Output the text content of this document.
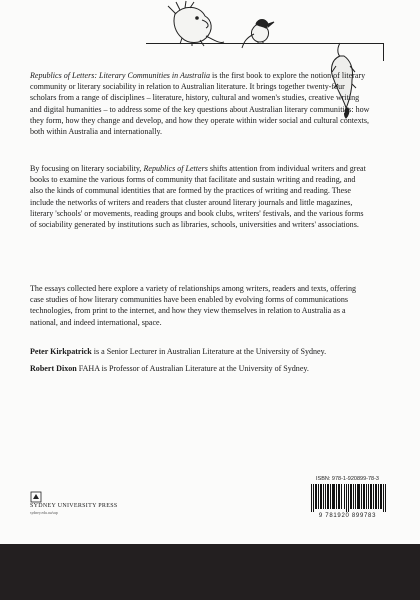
Republics of Letters: Literary Communities in Australia is the first book to explore the notion of literary community or literary sociability in relation to Australian literature. It brings together twenty-four scholars from a range of disciplines – literature, history, cultural and women's studies, creative writing and digital humanities – to address some of the key questions about Australian literary communities: how they form, how they change and develop, and how they operate within wider social and cultural contexts, both within Australia and internationally.

By focusing on literary sociability, Republics of Letters shifts attention from individual writers and great books to examine the various forms of community that facilitate and sustain writing and reading, and also the kinds of communal identities that are formed by the practices of writing and reading. These include the networks of writers and readers that cluster around literary journals and little magazines, literary 'schools' or movements, reading groups and book clubs, writers' festivals, and the various forms of sociability generated by institutions such as libraries, schools, universities and writers' associations.

The essays collected here explore a variety of relationships among writers, readers and texts, offering case studies of how literary communities have been enabled by evolving forms of communications technologies, from print to the internet, and how they view themselves in relation to Australia as a national, and indeed international, space.

Peter Kirkpatrick is a Senior Lecturer in Australian Literature at the University of Sydney.

Robert Dixon FAHA is Professor of Australian Literature at the University of Sydney.

SYDNEY UNIVERSITY PRESS
sydney.edu.au/sup
ISBN: 978-1-920899-78-3
9 781920 899783
